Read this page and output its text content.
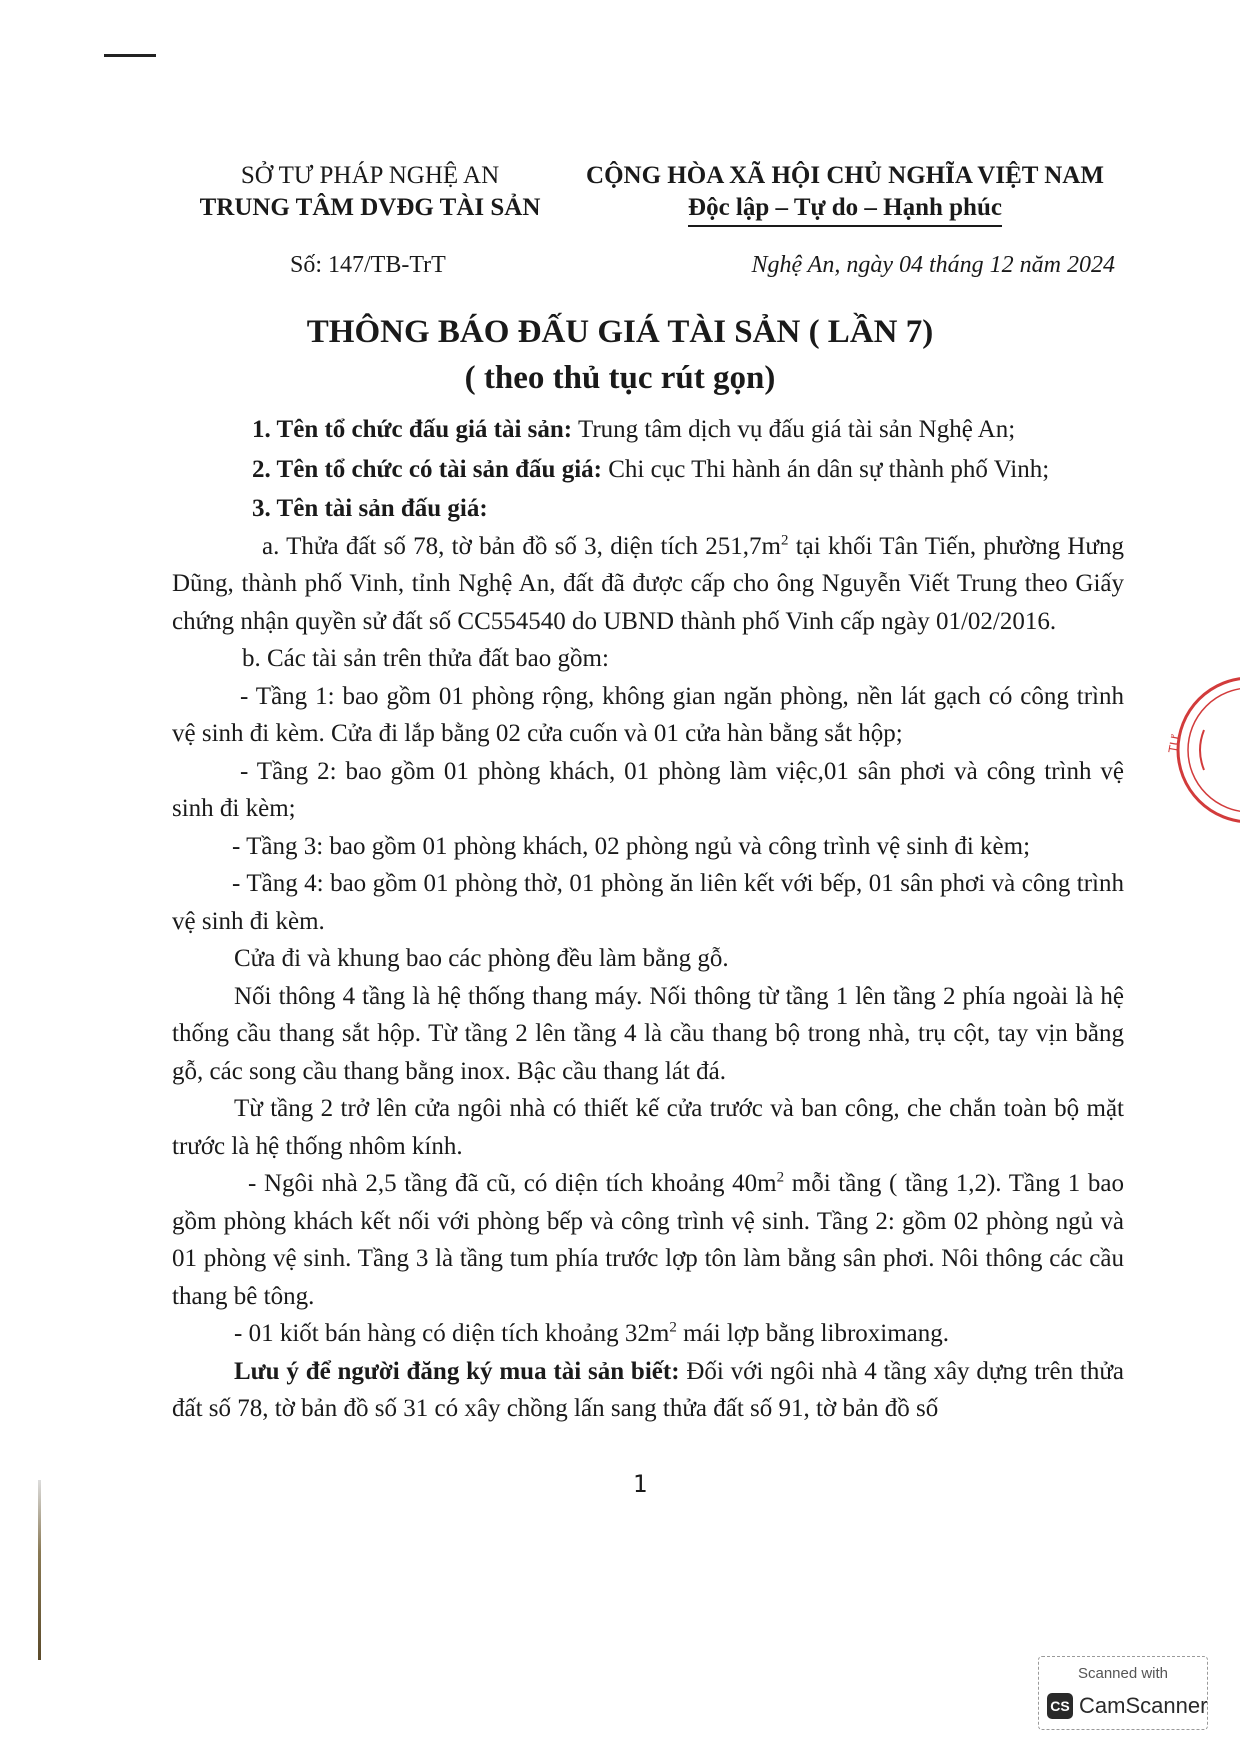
SỞ TƯ PHÁP NGHỆ AN
TRUNG TÂM DVĐG TÀI SẢN
CỘNG HÒA XÃ HỘI CHỦ NGHĨA VIỆT NAM
Độc lập – Tự do – Hạnh phúc
Số: 147/TB-TrT	Nghệ An, ngày 04 tháng 12 năm 2024
THÔNG BÁO ĐẤU GIÁ TÀI SẢN ( LẦN 7)
( theo thủ tục rút gọn)

1. Tên tổ chức đấu giá tài sản: Trung tâm dịch vụ đấu giá tài sản Nghệ An;

2. Tên tổ chức có tài sản đấu giá: Chi cục Thi hành án dân sự thành phố Vinh;

3. Tên tài sản đấu giá:

a. Thửa đất số 78, tờ bản đồ số 3, diện tích $251,7m^2$ tại khối Tân Tiến, phường Hưng Dũng, thành phố Vinh, tỉnh Nghệ An, đất đã được cấp cho ông Nguyễn Viết Trung theo Giấy chứng nhận quyền sử đất số CC554540 do UBND thành phố Vinh cấp ngày 01/02/2016.

b. Các tài sản trên thửa đất bao gồm:

- Tầng 1: bao gồm 01 phòng rộng, không gian ngăn phòng, nền lát gạch có công trình vệ sinh đi kèm. Cửa đi lắp bằng 02 cửa cuốn và 01 cửa hàn bằng sắt hộp;

- Tầng 2: bao gồm 01 phòng khách, 01 phòng làm việc,01 sân phơi và công trình vệ sinh đi kèm;

- Tầng 3: bao gồm 01 phòng khách, 02 phòng ngủ và công trình vệ sinh đi kèm;

- Tầng 4: bao gồm 01 phòng thờ, 01 phòng ăn liên kết với bếp, 01 sân phơi và công trình vệ sinh đi kèm.

Cửa đi và khung bao các phòng đều làm bằng gỗ.

Nối thông 4 tầng là hệ thống thang máy. Nối thông từ tầng 1 lên tầng 2 phía ngoài là hệ thống cầu thang sắt hộp. Từ tầng 2 lên tầng 4 là cầu thang bộ trong nhà, trụ cột, tay vịn bằng gỗ, các song cầu thang bằng inox. Bậc cầu thang lát đá.

Từ tầng 2 trở lên cửa ngôi nhà có thiết kế cửa trước và ban công, che chắn toàn bộ mặt trước là hệ thống nhôm kính.

- Ngôi nhà 2,5 tầng đã cũ, có diện tích khoảng $40m^2$ mỗi tầng ( tầng 1,2). Tầng 1 bao gồm phòng khách kết nối với phòng bếp và công trình vệ sinh. Tầng 2: gồm 02 phòng ngủ và 01 phòng vệ sinh. Tầng 3 là tầng tum phía trước lợp tôn làm bằng sân phơi. Nôi thông các cầu thang bê tông.

- 01 kiốt bán hàng có diện tích khoảng $32m^2$ mái lợp bằng libroximang.

Lưu ý để người đăng ký mua tài sản biết: Đối với ngôi nhà 4 tầng xây dựng trên thửa đất số 78, tờ bản đồ số 31 có xây chồng lấn sang thửa đất số 91, tờ bản đồ số

1
TƯ
Scanned with
CS CamScanner
